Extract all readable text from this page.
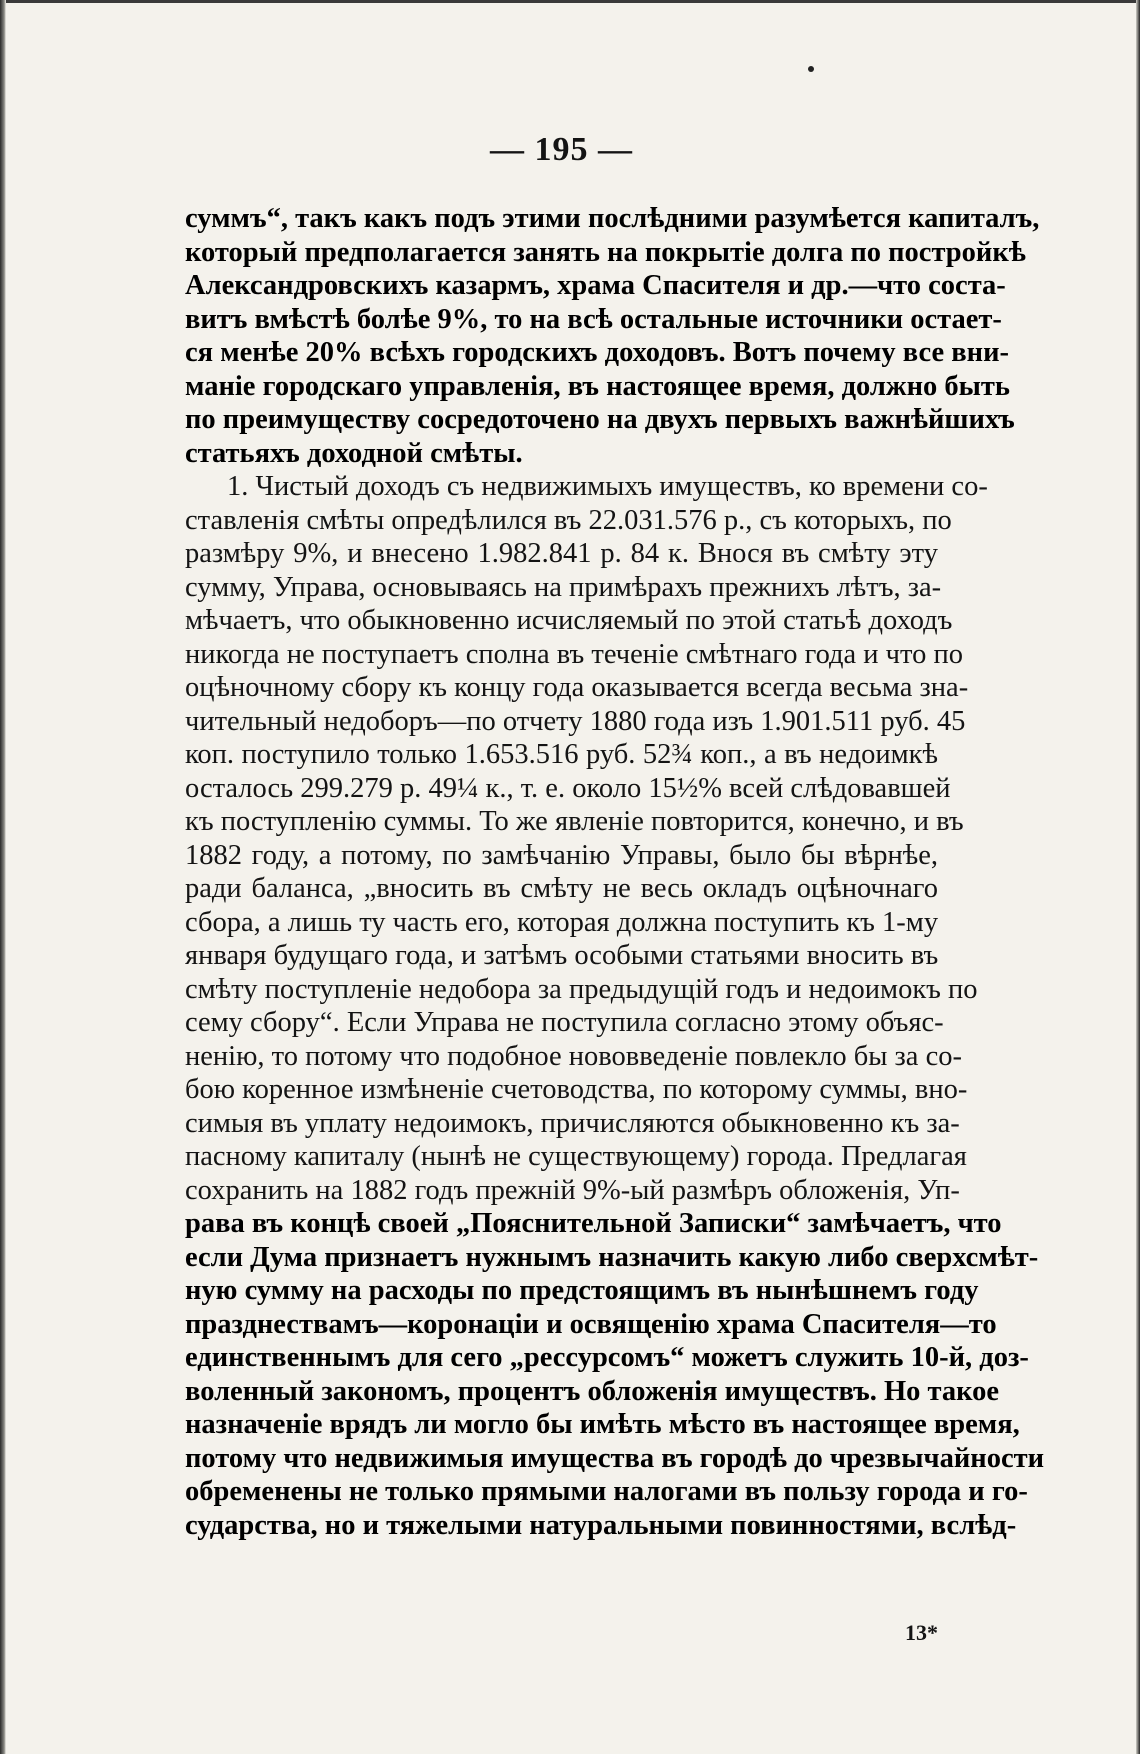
— 195 —
суммъ“, такъ какъ подъ этими послѣдними разумѣется капиталъ,
который предполагается занять на покрытіе долга по постройкѣ
Александровскихъ казармъ, храма Спасителя и др.—что соста-
витъ вмѣстѣ болѣе 9%, то на всѣ остальные источники остает-
ся менѣе 20% всѣхъ городскихъ доходовъ. Вотъ почему все вни-
маніе городскаго управленія, въ настоящее время, должно быть
по преимуществу сосредоточено на двухъ первыхъ важнѣйшихъ
статьяхъ доходной смѣты.
1. Чистый доходъ съ недвижимыхъ имуществъ, ко времени со-
ставленія смѣты опредѣлился въ 22.031.576 р., съ которыхъ, по
размѣру 9%, и внесено 1.982.841 р. 84 к. Внося въ смѣту эту
сумму, Управа, основываясь на примѣрахъ прежнихъ лѣтъ, за-
мѣчаетъ, что обыкновенно исчисляемый по этой статьѣ доходъ
никогда не поступаетъ сполна въ теченіе смѣтнаго года и что по
оцѣночному сбору къ концу года оказывается всегда весьма зна-
чительный недоборъ—по отчету 1880 года изъ 1.901.511 руб. 45
коп. поступило только 1.653.516 руб. 52¾ коп., а въ недоимкѣ
осталось 299.279 р. 49¼ к., т. е. около 15½% всей слѣдовавшей
къ поступленію суммы. То же явленіе повторится, конечно, и въ
1882 году, а потому, по замѣчанію Управы, было бы вѣрнѣе,
ради баланса, „вносить въ смѣту не весь окладъ оцѣночнаго
сбора, а лишь ту часть его, которая должна поступить къ 1-му
января будущаго года, и затѣмъ особыми статьями вносить въ
смѣту поступленіе недобора за предыдущій годъ и недоимокъ по
сему сбору“. Если Управа не поступила согласно этому объяс-
ненію, то потому что подобное нововведеніе повлекло бы за со-
бою коренное измѣненіе счетоводства, по которому суммы, вно-
симыя въ уплату недоимокъ, причисляются обыкновенно къ за-
пасному капиталу (нынѣ не существующему) города. Предлагая
сохранить на 1882 годъ прежній 9%-ый размѣръ обложенія, Уп-
рава въ концѣ своей „Пояснительной Записки“ замѣчаетъ, что
если Дума признаетъ нужнымъ назначить какую либо сверхсмѣт-
ную сумму на расходы по предстоящимъ въ нынѣшнемъ году
празднествамъ—коронаціи и освященію храма Спасителя—то
единственнымъ для сего „рессурсомъ“ можетъ служить 10-й, доз-
воленный закономъ, процентъ обложенія имуществъ. Но такое
назначеніе врядъ ли могло бы имѣть мѣсто въ настоящее время,
потому что недвижимыя имущества въ городѣ до чрезвычайности
обременены не только прямыми налогами въ пользу города и го-
сударства, но и тяжелыми натуральными повинностями, вслѣд-
13*
